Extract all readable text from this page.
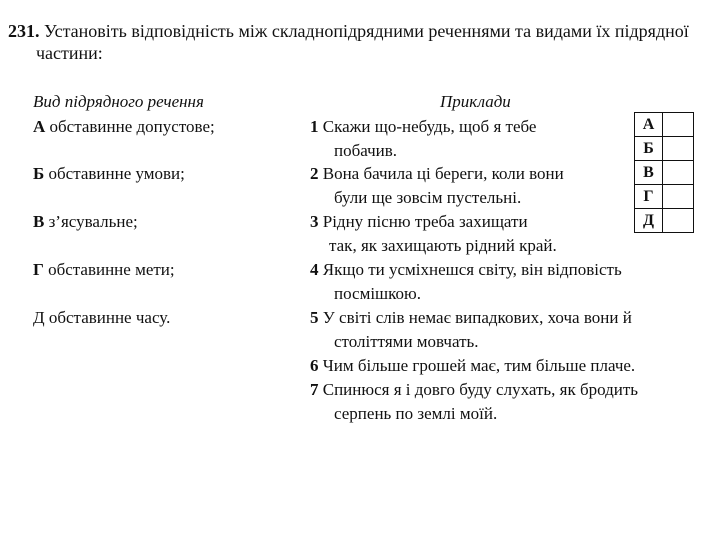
231. Установіть відповідність між складнопідрядними реченнями та видами їх підрядної
частини:
Вид підрядного речення	Приклади
А обставинне допустове;
Б обставинне умови;
В з’ясувальне;
Г обставинне мети;
Д обставинне часу.
1 Скажи що-небудь, щоб я тебе
побачив.
2 Вона бачила ці береги, коли вони
були ще зовсім пустельні.
3 Рідну пісню треба захищати
так, як захищають рідний край.
4 Якщо ти усміхнешся світу, він відповість
посмішкою.
5 У світі слів немає випадкових, хоча вони й
століттями мовчать.
6 Чим більше грошей має, тим більше плаче.
7 Спинюся я і довго буду слухать, як бродить
серпень по землі моїй.
А	
Б	
В	
Г	
Д	
